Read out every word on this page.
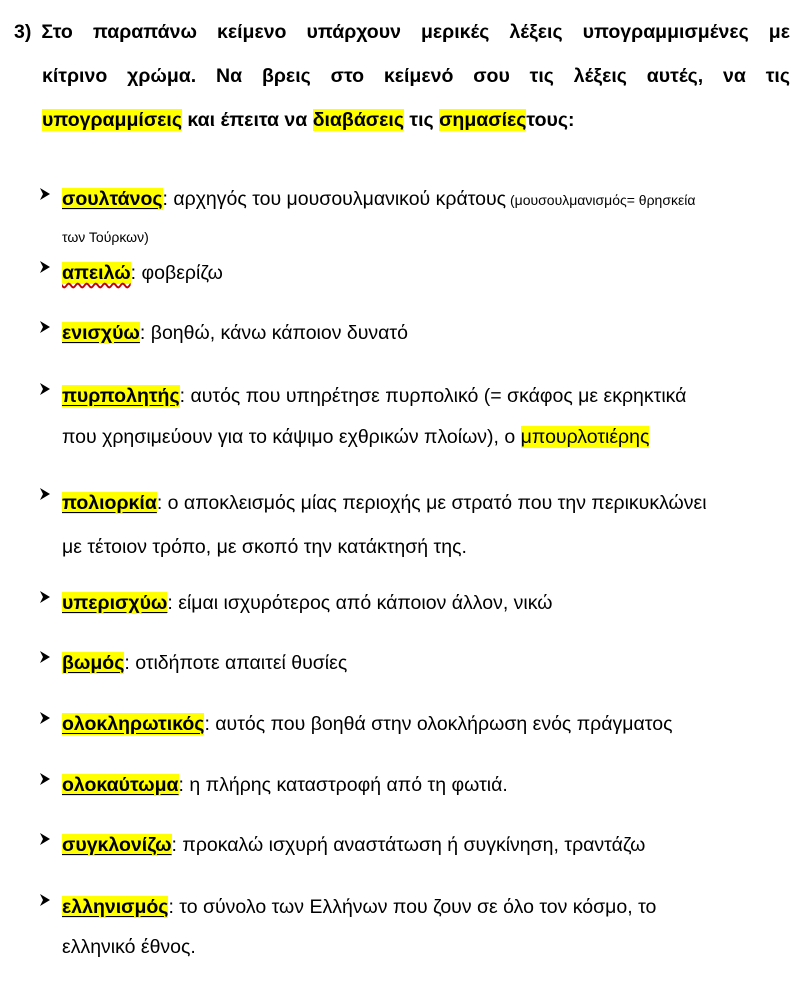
3) Στο παραπάνω κείμενο υπάρχουν μερικές λέξεις υπογραμμισμένες με
κίτρινο χρώμα. Να βρεις στο κείμενό σου τις λέξεις αυτές, να τις
υπογραμμίσεις και έπειτα να διαβάσεις τις σημασίεςτους:
σουλτάνος: αρχηγός του μουσουλμανικού κράτους (μουσουλμανισμός= θρησκεία
των Τούρκων)
απειλώ: φοβερίζω
ενισχύω: βοηθώ, κάνω κάποιον δυνατό
πυρπολητής: αυτός που υπηρέτησε πυρπολικό (= σκάφος με εκρηκτικά
που χρησιμεύουν για το κάψιμο εχθρικών πλοίων), ο μπουρλοτιέρης
πολιορκία: ο αποκλεισμός μίας περιοχής με στρατό που την περικυκλώνει
με τέτοιον τρόπο, με σκοπό την κατάκτησή της.
υπερισχύω: είμαι ισχυρότερος από κάποιον άλλον, νικώ
βωμός: οτιδήποτε απαιτεί θυσίες
ολοκληρωτικός: αυτός που βοηθά στην ολοκλήρωση ενός πράγματος
ολοκαύτωμα: η πλήρης καταστροφή από τη φωτιά.
συγκλονίζω: προκαλώ ισχυρή αναστάτωση ή συγκίνηση, τραντάζω
ελληνισμός: το σύνολο των Ελλήνων που ζουν σε όλο τον κόσμο, το
ελληνικό έθνος.
